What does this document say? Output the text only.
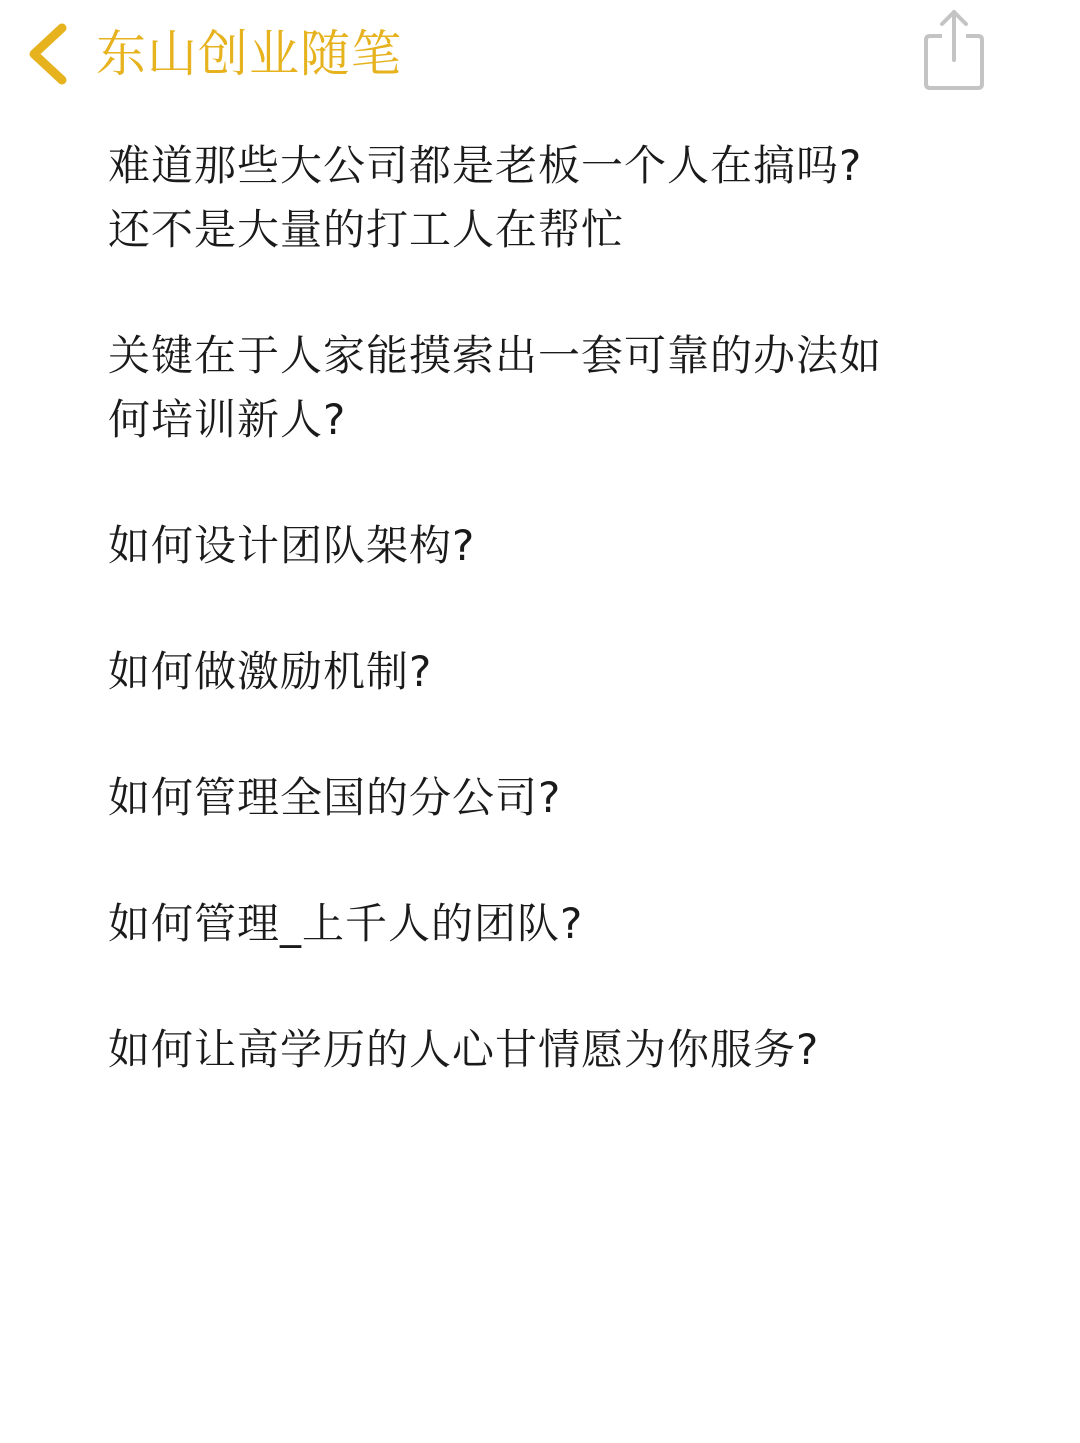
东山创业随笔

难道那些大公司都是老板一个人在搞吗?
还不是大量的打工人在帮忙

关键在于人家能摸索出一套可靠的办法如
何培训新人?

如何设计团队架构?

如何做激励机制?

如何管理全国的分公司?

如何管理_上千人的团队?

如何让高学历的人心甘情愿为你服务?
